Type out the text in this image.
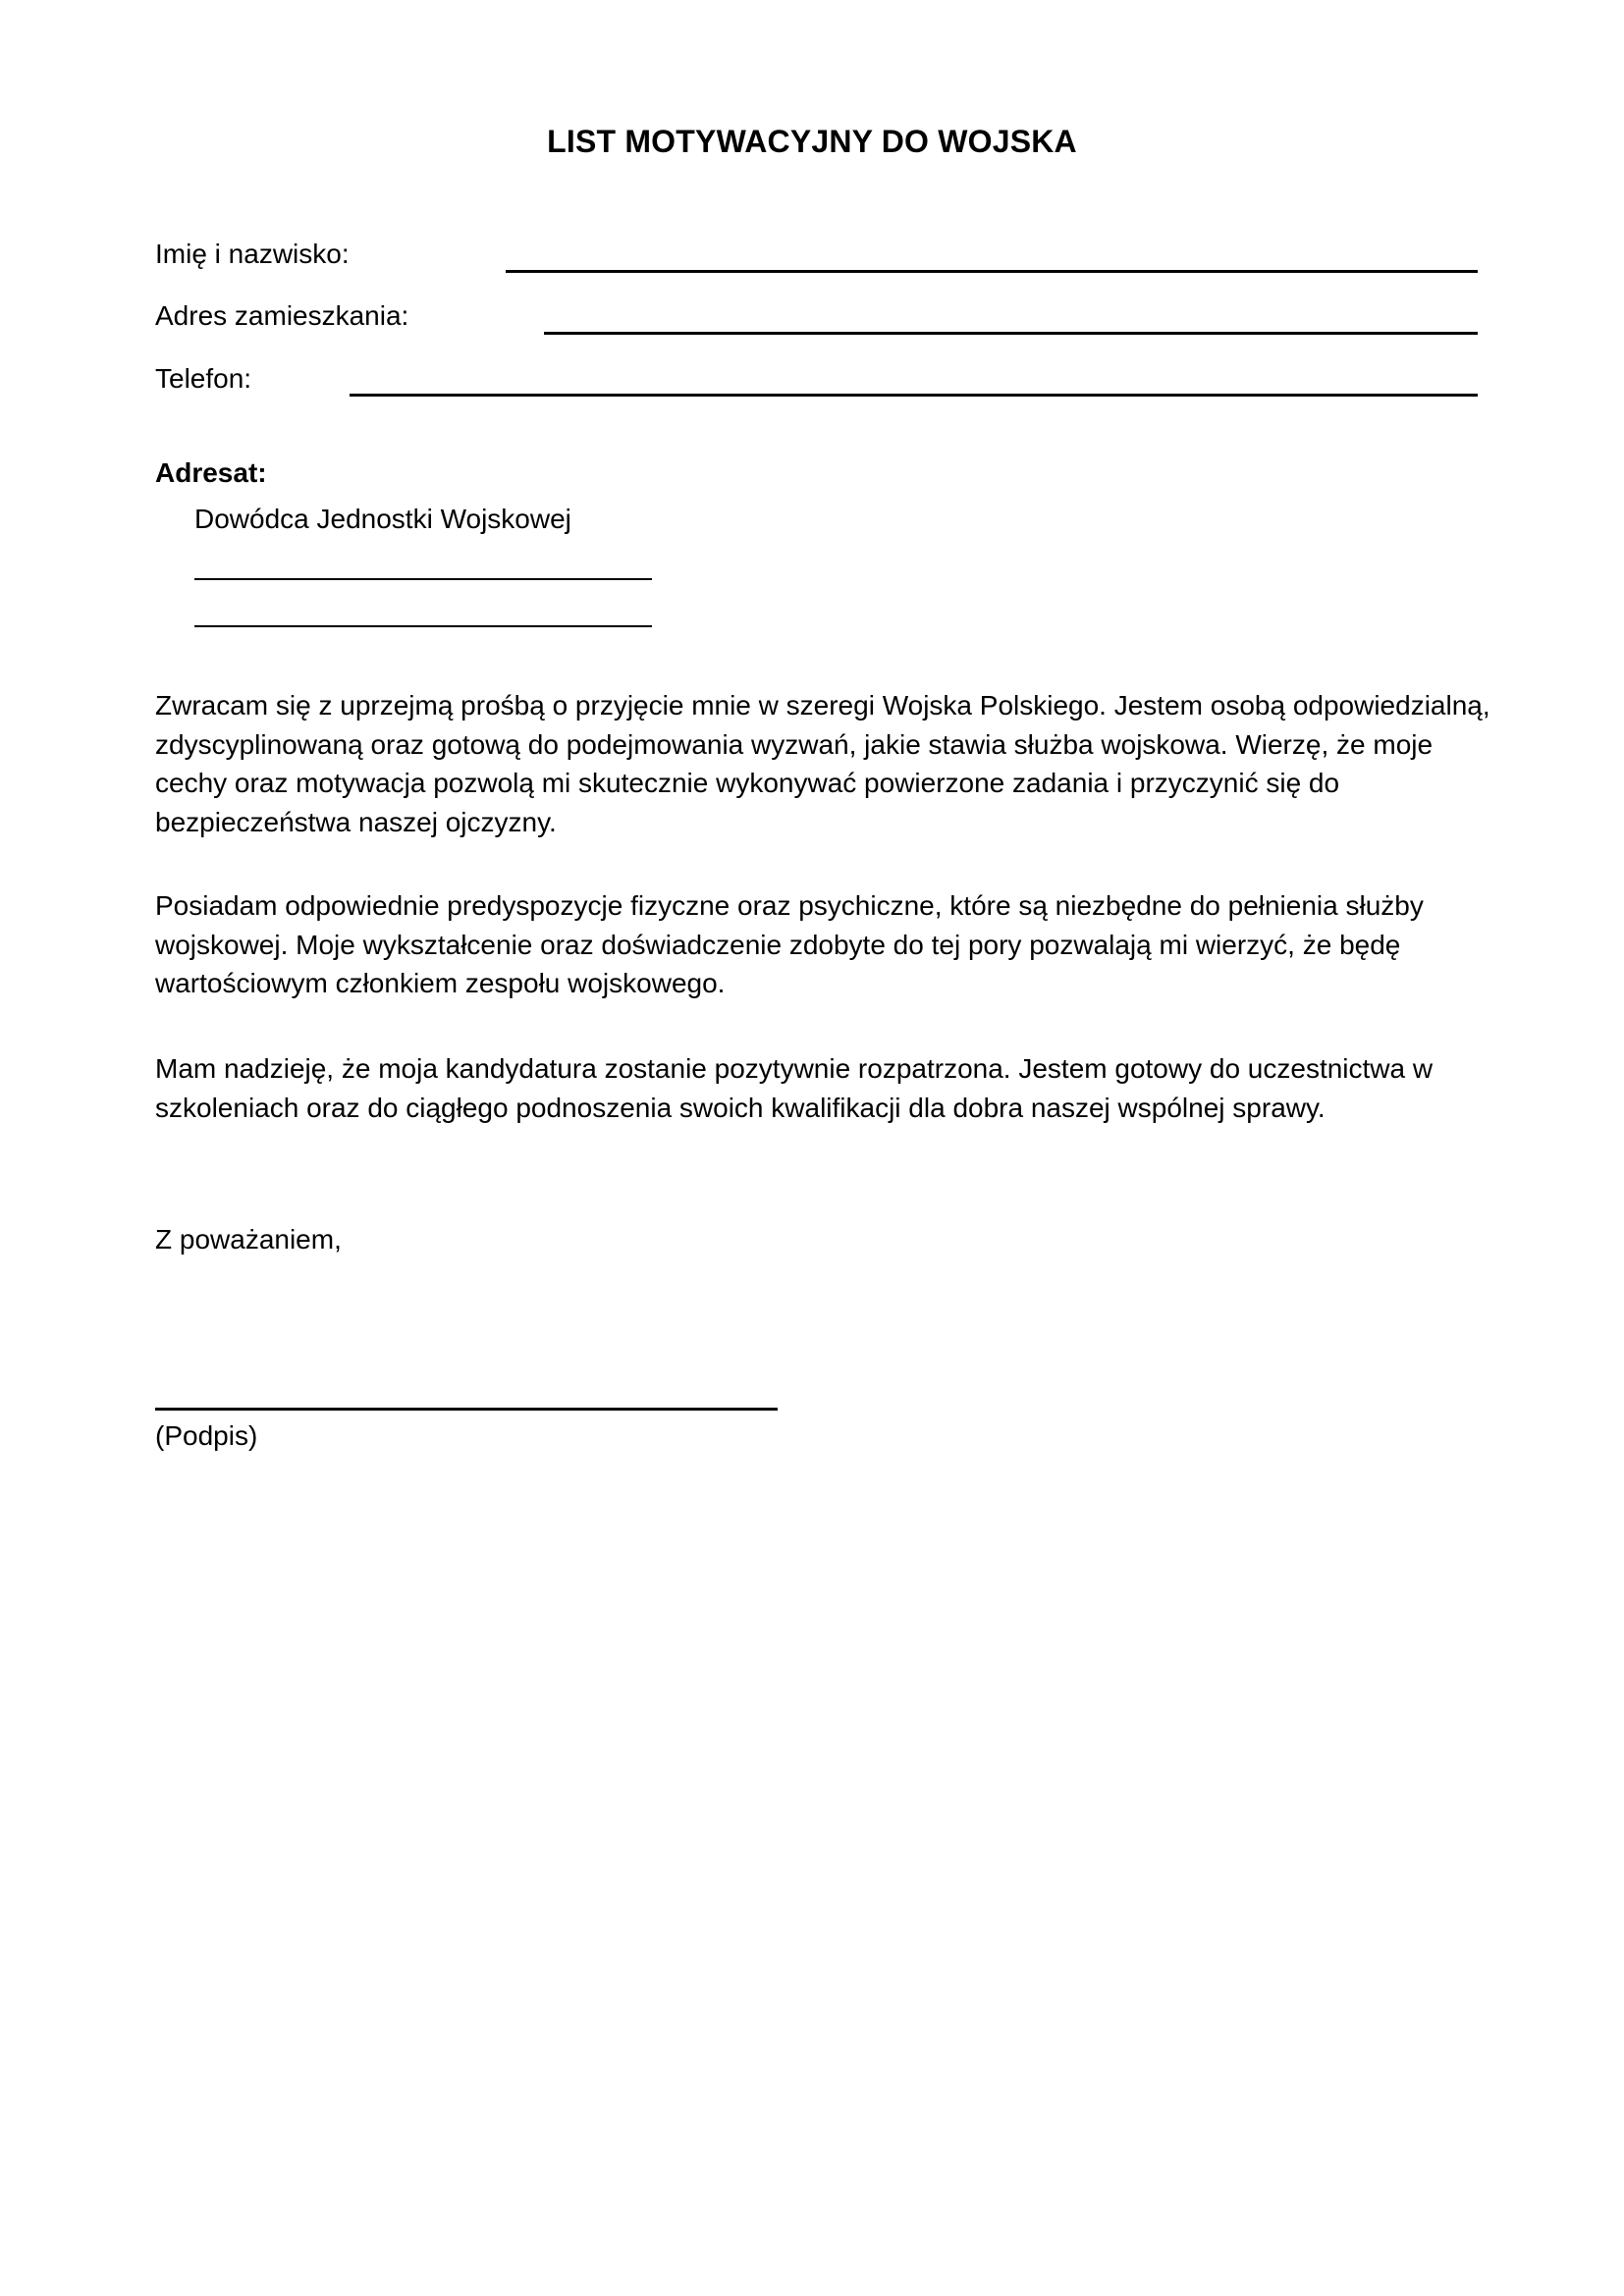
LIST MOTYWACYJNY DO WOJSKA
Imię i nazwisko:
Adres zamieszkania:
Telefon:
Adresat:
Dowódca Jednostki Wojskowej

Zwracam się z uprzejmą prośbą o przyjęcie mnie w szeregi Wojska Polskiego. Jestem osobą odpowiedzialną, zdyscyplinowaną oraz gotową do podejmowania wyzwań, jakie stawia służba wojskowa. Wierzę, że moje cechy oraz motywacja pozwolą mi skutecznie wykonywać powierzone zadania i przyczynić się do bezpieczeństwa naszej ojczyzny.

Posiadam odpowiednie predyspozycje fizyczne oraz psychiczne, które są niezbędne do pełnienia służby wojskowej. Moje wykształcenie oraz doświadczenie zdobyte do tej pory pozwalają mi wierzyć, że będę wartościowym członkiem zespołu wojskowego.

Mam nadzieję, że moja kandydatura zostanie pozytywnie rozpatrzona. Jestem gotowy do uczestnictwa w szkoleniach oraz do ciągłego podnoszenia swoich kwalifikacji dla dobra naszej wspólnej sprawy.

Z poważaniem,
(Podpis)
